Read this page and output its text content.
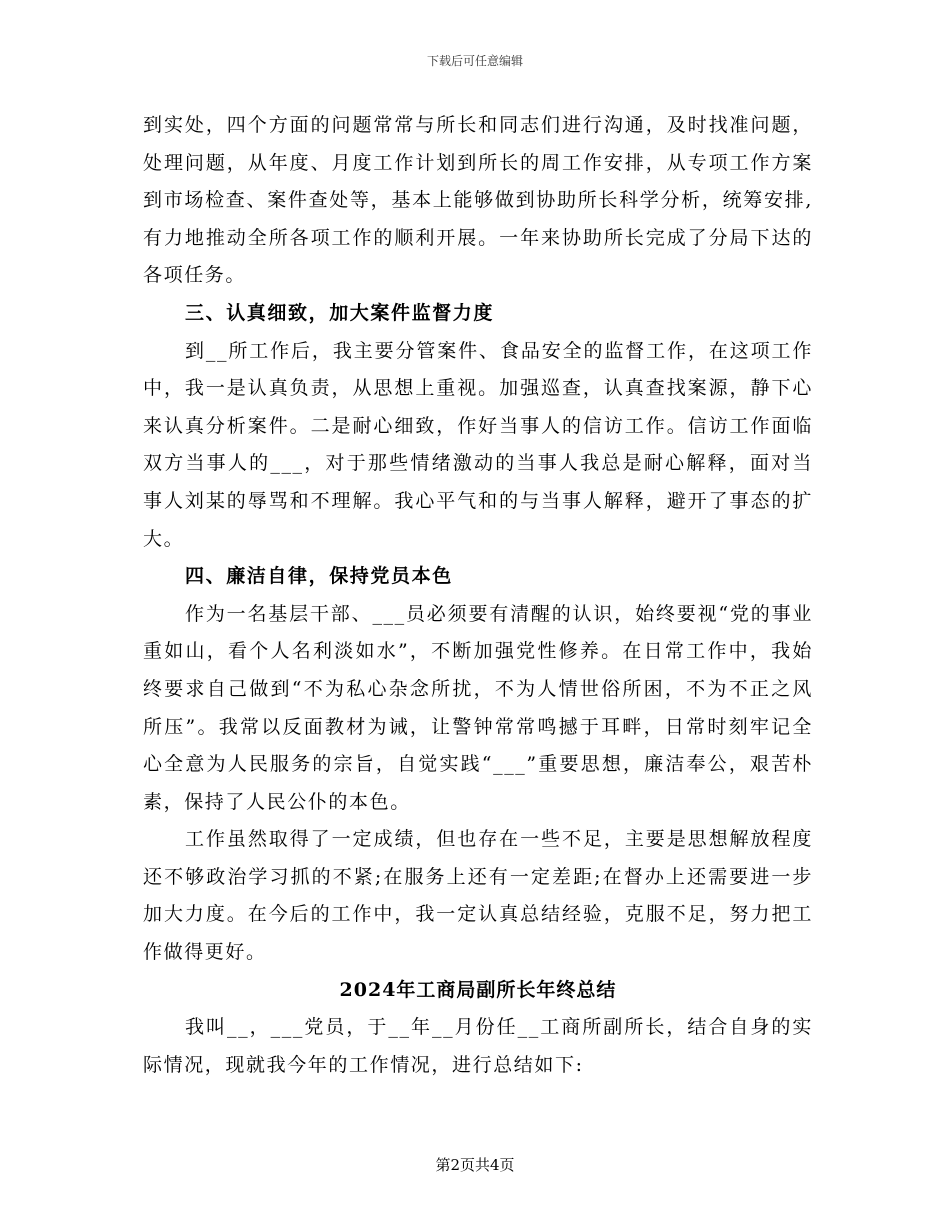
下载后可任意编辑

到实处，四个方面的问题常常与所长和同志们进行沟通，及时找准问题，处理问题，从年度、月度工作计划到所长的周工作安排，从专项工作方案到市场检查、案件查处等，基本上能够做到协助所长科学分析，统筹安排,有力地推动全所各项工作的顺利开展。一年来协助所长完成了分局下达的各项任务。

三、认真细致，加大案件监督力度

到__所工作后，我主要分管案件、食品安全的监督工作，在这项工作中，我一是认真负责，从思想上重视。加强巡查，认真查找案源，静下心来认真分析案件。二是耐心细致，作好当事人的信访工作。信访工作面临双方当事人的___，对于那些情绪激动的当事人我总是耐心解释，面对当事人刘某的辱骂和不理解。我心平气和的与当事人解释，避开了事态的扩大。

四、廉洁自律，保持党员本色

作为一名基层干部、___员必须要有清醒的认识，始终要视“党的事业重如山，看个人名利淡如水”，不断加强党性修养。在日常工作中，我始终要求自己做到“不为私心杂念所扰，不为人情世俗所困，不为不正之风所压”。我常以反面教材为诫，让警钟常常鸣撼于耳畔，日常时刻牢记全心全意为人民服务的宗旨，自觉实践“___”重要思想，廉洁奉公，艰苦朴素，保持了人民公仆的本色。

工作虽然取得了一定成绩，但也存在一些不足，主要是思想解放程度还不够政治学习抓的不紧;在服务上还有一定差距;在督办上还需要进一步加大力度。在今后的工作中，我一定认真总结经验，克服不足，努力把工作做得更好。

2024年工商局副所长年终总结

我叫__，___党员，于__年__月份任__工商所副所长，结合自身的实际情况，现就我今年的工作情况，进行总结如下:

第2页共4页
